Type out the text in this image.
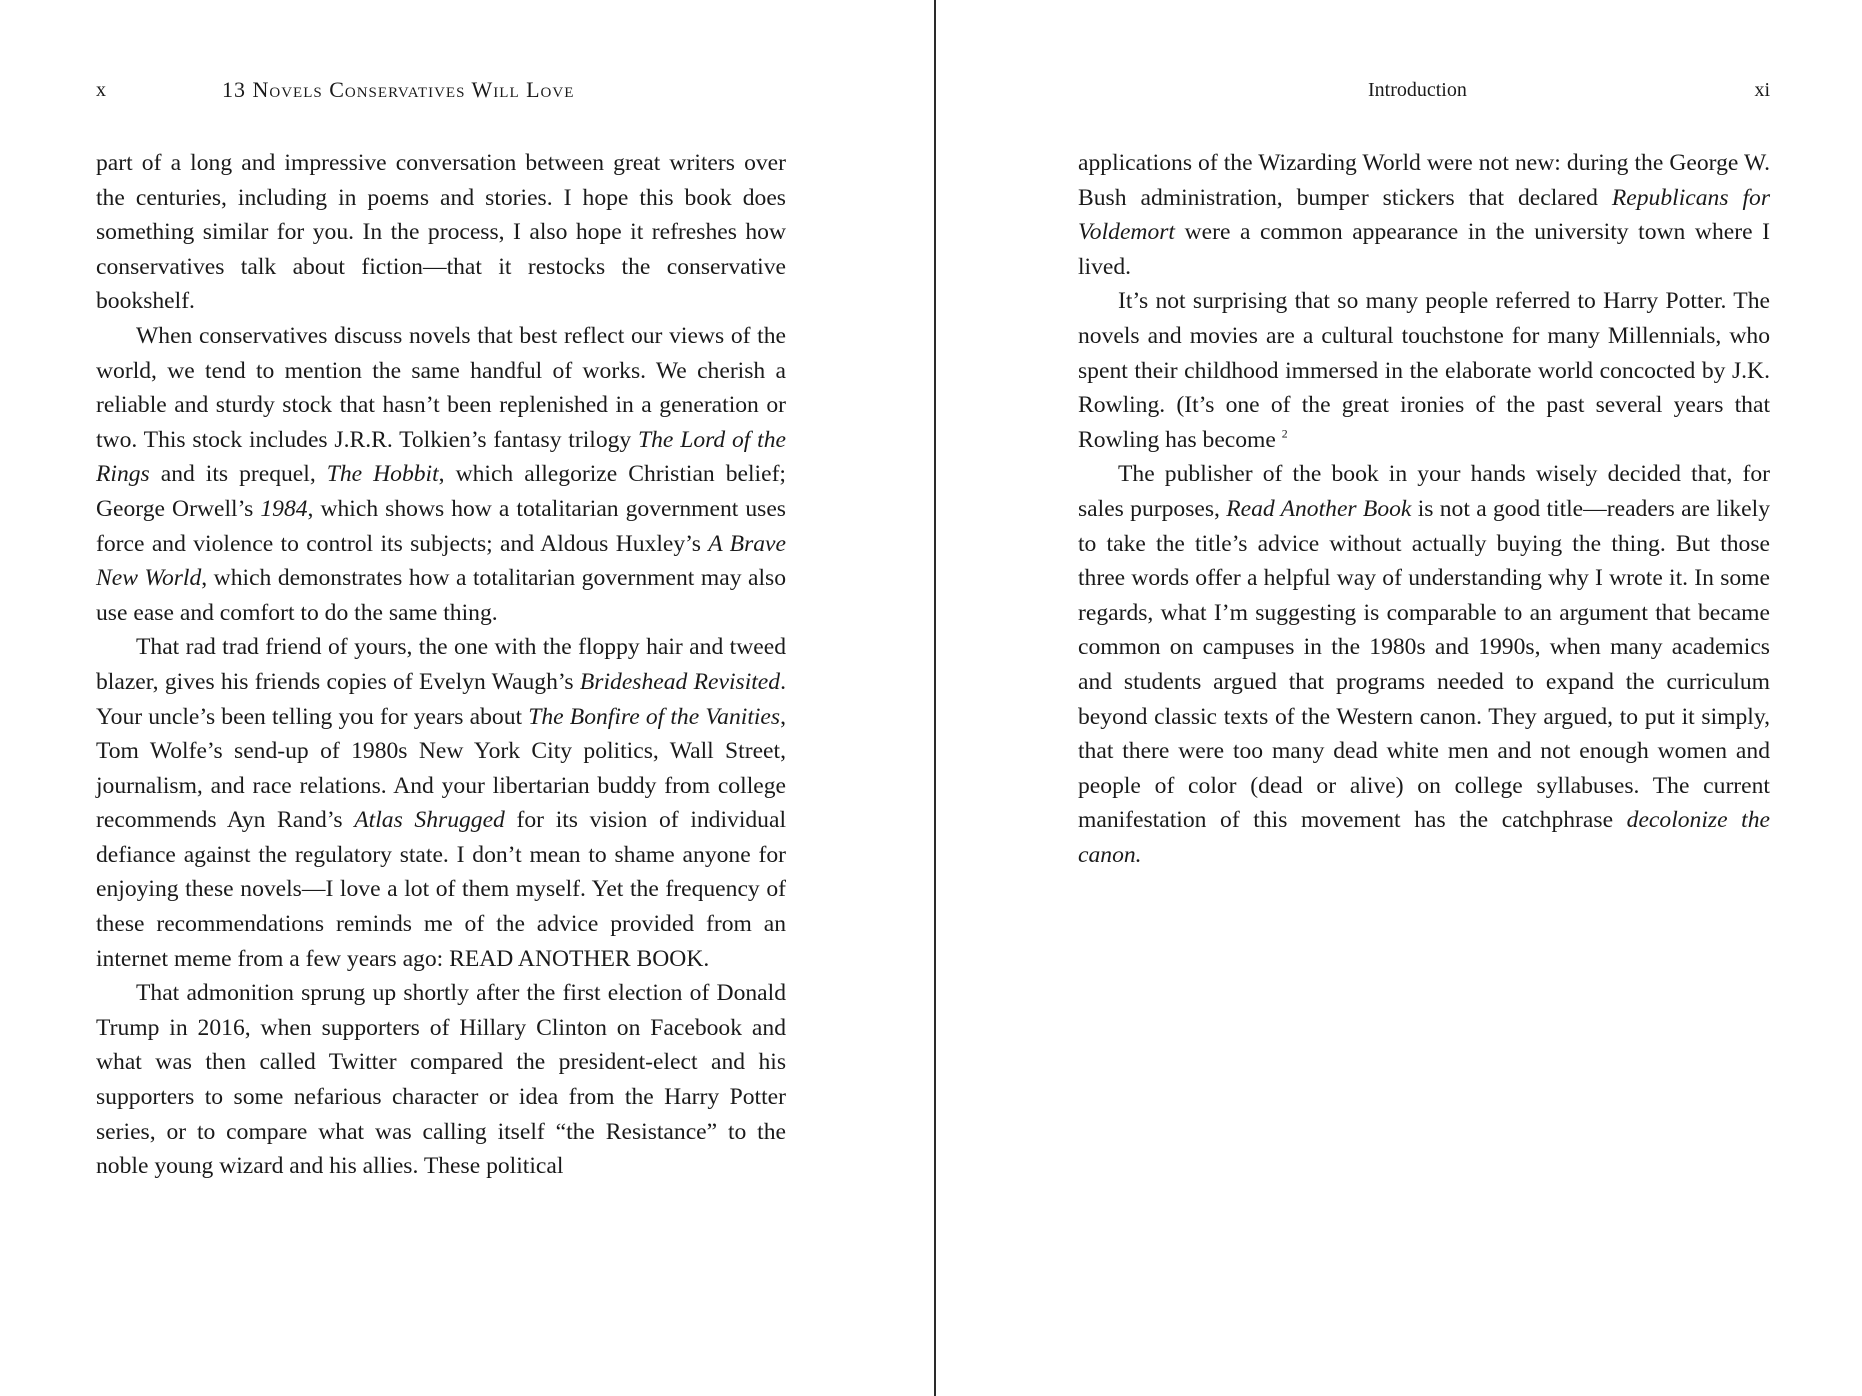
x	13 Novels Conservatives Will Love

part of a long and impressive conversation between great writers over the centuries, including in poems and stories. I hope this book does something similar for you. In the process, I also hope it refreshes how conservatives talk about fiction—that it restocks the conservative bookshelf.

When conservatives discuss novels that best reflect our views of the world, we tend to mention the same handful of works. We cherish a reliable and sturdy stock that hasn’t been replenished in a generation or two. This stock includes J.R.R. Tolkien’s fantasy trilogy The Lord of the Rings and its prequel, The Hobbit, which allegorize Christian belief; George Orwell’s 1984, which shows how a totalitarian government uses force and violence to control its subjects; and Aldous Huxley’s A Brave New World, which demonstrates how a totalitarian government may also use ease and comfort to do the same thing.

That rad trad friend of yours, the one with the floppy hair and tweed blazer, gives his friends copies of Evelyn Waugh’s Brideshead Revisited. Your uncle’s been telling you for years about The Bonfire of the Vanities, Tom Wolfe’s send-up of 1980s New York City politics, Wall Street, journalism, and race relations. And your libertarian buddy from college recommends Ayn Rand’s Atlas Shrugged for its vision of individual defiance against the regulatory state. I don’t mean to shame anyone for enjoying these novels—I love a lot of them myself. Yet the frequency of these recommendations reminds me of the advice provided from an internet meme from a few years ago: READ ANOTHER BOOK.

That admonition sprung up shortly after the first election of Donald Trump in 2016, when supporters of Hillary Clinton on Facebook and what was then called Twitter compared the president-elect and his supporters to some nefarious character or idea from the Harry Potter series, or to compare what was calling itself “the Resistance” to the noble young wizard and his allies. These political

Introduction	xi

applications of the Wizarding World were not new: during the George W. Bush administration, bumper stickers that declared Republicans for Voldemort were a common appearance in the university town where I lived.

It’s not surprising that so many people referred to Harry Potter. The novels and movies are a cultural touchstone for many Millennials, who spent their childhood immersed in the elaborate world concocted by J.K. Rowling. (It’s one of the great ironies of the past several years that Rowling has become $^2$

The publisher of the book in your hands wisely decided that, for sales purposes, Read Another Book is not a good title—readers are likely to take the title’s advice without actually buying the thing. But those three words offer a helpful way of understanding why I wrote it. In some regards, what I’m suggesting is comparable to an argument that became common on campuses in the 1980s and 1990s, when many academics and students argued that programs needed to expand the curriculum beyond classic texts of the Western canon. They argued, to put it simply, that there were too many dead white men and not enough women and people of color (dead or alive) on college syllabuses. The current manifestation of this movement has the catchphrase decolonize the canon.
